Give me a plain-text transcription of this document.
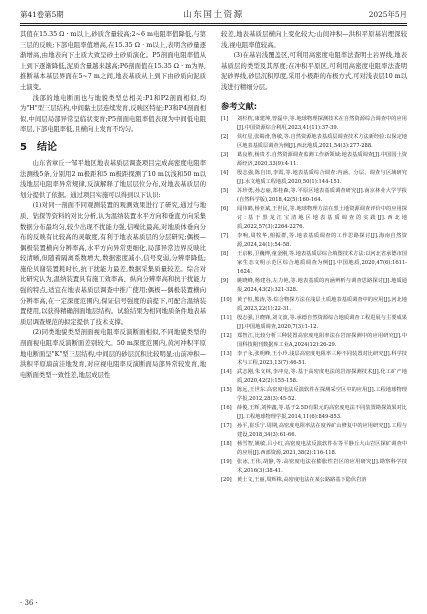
第41卷第5期	山东国土资源	2025年5月

其值在15.35 Ω · m以上,砂质含量较高;2~6 m电阻率值降低,与第三层的反映;下部电阻率值增高,在15.35 Ω · m以上,表明含砂量逐渐增高,由地表向下土质大致呈砂土砂质演化。P5剖面电阻率值从上到下逐渐降低,泥质含量越来越高;P6剖面值在15.35 Ω · m为界,推断基本基层界面在5~7 m之间,地表基质从上到下由砂质向泥质土演变。

浅部的地电断面也与地貌类型总相关:P1和P2剖面相似,均为"H"型三层结构,中间黏土层连续发育,反映区特征;P3和P4剖面相似,中间层局部异常呈临状变育;P5剖面电阻率值表现为中间低电阻率层,下部电阻率低,且横向上发育不均匀。

5 结论

山东省章丘一邹平地区地表基质层调查项目完成高密度电阻率法测线5条,分别用2 m极距和5 m极距探测了10 m以浅和50 m以浅地层电阻率异常规律,反演解释了地层层位分布,对地表基质层的划分提供了依据。通过项目实施可以得到以下认识:

(1)对同一剖面不同观测装置的观测效果进行了研究,通过与地质、钻探等资料的对比分析,认为温纳装置水平方向和垂直方向采集数据分布最均匀,较少出现不扰能力强,信噪比最高,对地质体垂向分布的反映有比较高的灵敏度,有利于地表基质层的分层研究;偶极—偶极装置横向分辨率高,水平方向异常更细化,局部异常边界反映比较清晰,但随着隔离系数增大,数据密度减小,信号变弱,分辨率降低;施伦贝谢装置耗时长,抗干扰能力最差,数据采集质量较差。综合对比研究认为,温纳装置具有施工效率高、纵向分辨率高和抗干扰能力强的特点,适宜在地表基质层调查中推广使用;偶极—偶极装置横向分辨率高,在一定深度范围内,保证信号强度的前提下,可配合温纳装置使用,以获得精确剖面地层结构。试验结果为相同地质条件地表基质层调查规范的拟定提供了技术支撑。

(2)同类地貌类型剖面视电阻率反演断面相似,不同地貌类型的剖面视电阻率反演断面差别较大。50 m深度范围内,黄河冲积平原地电断面呈"K"型三层结构,中间层的砂层沉积比较明显;山前冲积—洪积平原扇前洼地发育,对应视电阻率反演断面局部异常较发育,地电断面类型一致性差,地层成层性

较差,地表基质层横向上变化较大;山间冲积—洪积平原基岩埋深较浅,视电阻率值较高。

(3)在基岩浅覆盖区,可利用高密度电阻率法查明土岩界线,地表基质层的类型及其厚度;在冲积平原区,可利用高密度电阻率法查明泥砂界线,砂层沉积厚度,采用小极距的布极方式,可对浅表层10 m以浅进行精细分层。

参考文献:
[1]	刘杉枕,康建坤,曾磊中,等.地球物理探测技术在自然资源综合调查中的应用[J].中国资源综合利用,2023,41(11):37-39.
[2]	侯红星,张蜀滑,鲁敏,等.自然资源地表基质层调查技术方法新经验:以保定地区地表基质层调查为例[J].西北地质,2021,54(3):277-288.
[3]	葛良胜,杨贵才.自然资源调查监测工作新领域:地表基质调查[J].中国国土资源经济,2020,33(9):4-11.
[4]	殷志强,陈自田,李霞,等.地表基质综合调查:内涵、分层、调查与区域研究[J].水文地质工程地质,2020,50(1):144-151.
[5]	苏珍勇,孙志丽,郑桂森,等.平原区地表基质调查研究[J].南京林业大学学报(自然科学版),2018,42(5):160-164.
[6]	闻伟鹤,杨亚斌,王世民,等.地球物理方法在黑土地资源调查评价中的应用探讨:基于黑龙江宝清地区地表基质调查的实践[J].西北地质,2022,57(3):2264-2276.
[7]	李响,周牧华,相振群,等.地表基质调查的工作思路探讨[J].海南自然资源,2024,24(1):54-58.
[8]	王京彬,卫巍博,童金刚,等.地表基质层综合填图技术方法:以河北省承德市国家生态文明示范区综合地质调查为例[J].中国地质,2020,47(6):1611-1624.
[9]	姚晓峰,杨建谷,左力艳,等.地表基质的内涵辨析与调查思路探讨[J].地质通报,2024,43(2):321-328.
[10]	黄子恒,熊涛,等.综合物探方法在浅层土质地表基质调查中的应用[J].河北地质,2023,22(1):22-31.
[11]	殷志强,卫晓锋,刘文波,等.承德自然资源综合地质调查工程进展与主要成果[J].中国地质调查,2020,7(3):1-12.
[12]	郑智江,比较分析三种装置高密度电阻率法在岩溶探测中的应用研究[J].中国科技期刊数据库工业A,2024(12):26-29.
[13]	李子永,张明峰,王小玲.浅层高密度电阻率三种不同装置对比研究[J].科学技术与工程,2023,13(7):46-51.
[14]	武志刚,朱文林,李冲克,等.基于高密度电法的岩溶探测技术[J].化工矿产地质,2020,42(2):155-158.
[15]	陈远,王世东.高密度电法反演软件在探测采空区中的应用[J].工程地球物理学报,2012,28(3):45-52.
[16]	薛俊,王辉,刘仲鑫,等.基于2.5D有限元的高密度电法不同装置勘探效果对比[J].工程地球物理学报,2014,11(6):849-853.
[17]	孙平,崔乐宁.周期,高密度电阻率法在度养矿山修复中的应用研究[J].工程与建设,2018,34(3):61-66.
[18]	杨雪智,姚敏,吕小红,高密度电法反演软件在等平静丘大山岩区探矿调查中的应用[J].西部资源,2021,38(2):116-118.
[19]	张冰,王伟,胡静,等.高密度电法在膨胀性岩区的应用研究[J].勘察科学技术,2016(3):38-41.
[20]	黄土文,王丽,周辉株,高密度电法在某公路路基下隐伏岩溶
· 36 ·
